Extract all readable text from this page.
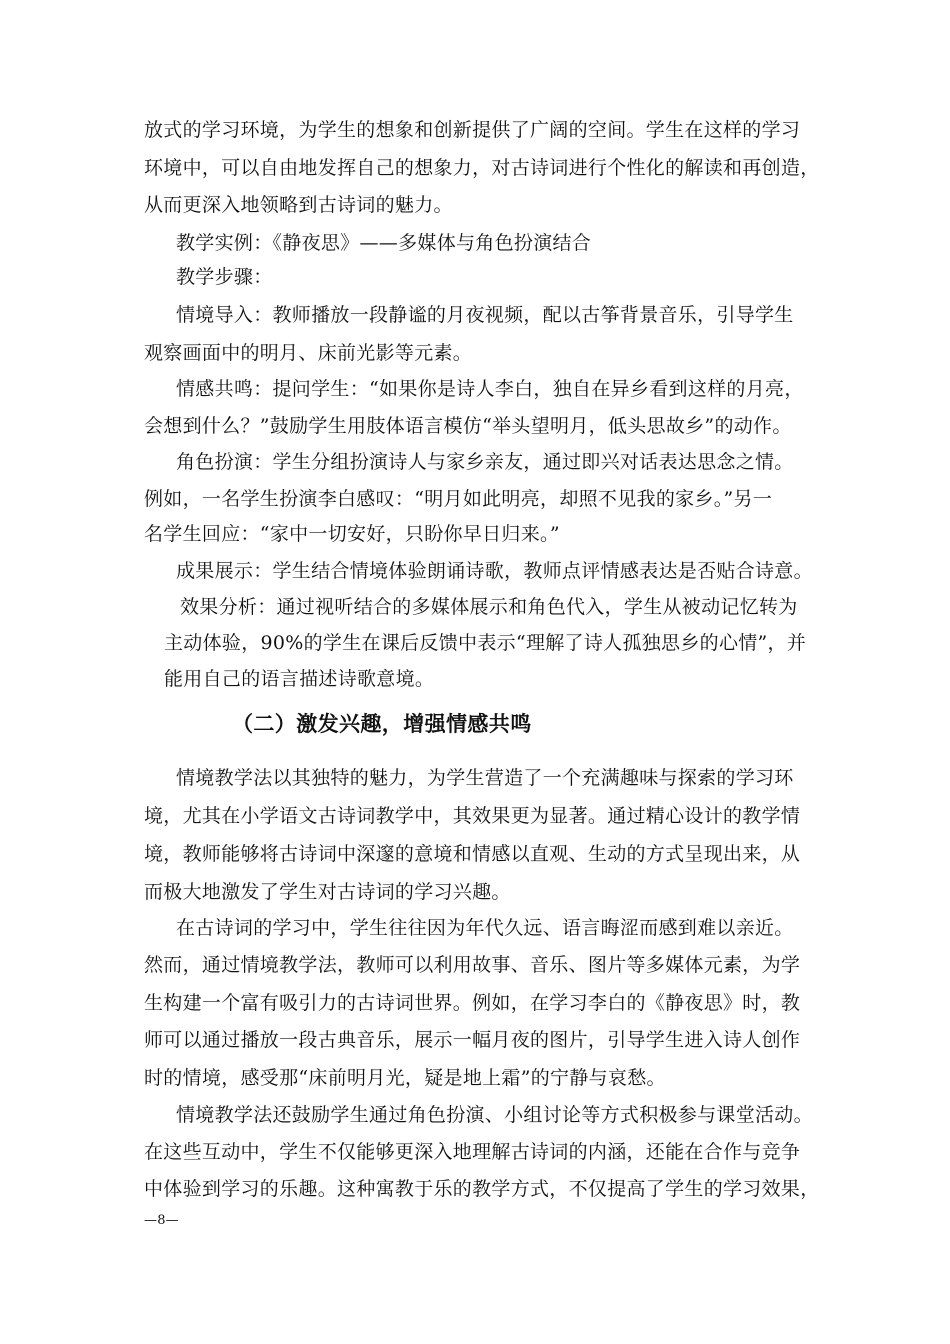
放式的学习环境，为学生的想象和创新提供了广阔的空间。学生在这样的学习
环境中，可以自由地发挥自己的想象力，对古诗词进行个性化的解读和再创造，
从而更深入地领略到古诗词的魅力。
教学实例：《静夜思》——多媒体与角色扮演结合
教学步骤：
情境导入：教师播放一段静谧的月夜视频，配以古筝背景音乐，引导学生
观察画面中的明月、床前光影等元素。
情感共鸣：提问学生：“如果你是诗人李白，独自在异乡看到这样的月亮，
会想到什么？”鼓励学生用肢体语言模仿“举头望明月，低头思故乡”的动作。
角色扮演：学生分组扮演诗人与家乡亲友，通过即兴对话表达思念之情。
例如，一名学生扮演李白感叹：“明月如此明亮，却照不见我的家乡。”另一
名学生回应：“家中一切安好，只盼你早日归来。”
成果展示：学生结合情境体验朗诵诗歌，教师点评情感表达是否贴合诗意。
效果分析：通过视听结合的多媒体展示和角色代入，学生从被动记忆转为
主动体验，90%的学生在课后反馈中表示“理解了诗人孤独思乡的心情”，并
能用自己的语言描述诗歌意境。
（二）激发兴趣，增强情感共鸣
情境教学法以其独特的魅力，为学生营造了一个充满趣味与探索的学习环
境，尤其在小学语文古诗词教学中，其效果更为显著。通过精心设计的教学情
境，教师能够将古诗词中深邃的意境和情感以直观、生动的方式呈现出来，从
而极大地激发了学生对古诗词的学习兴趣。
在古诗词的学习中，学生往往因为年代久远、语言晦涩而感到难以亲近。
然而，通过情境教学法，教师可以利用故事、音乐、图片等多媒体元素，为学
生构建一个富有吸引力的古诗词世界。例如，在学习李白的《静夜思》时，教
师可以通过播放一段古典音乐，展示一幅月夜的图片，引导学生进入诗人创作
时的情境，感受那“床前明月光，疑是地上霜”的宁静与哀愁。
情境教学法还鼓励学生通过角色扮演、小组讨论等方式积极参与课堂活动。
在这些互动中，学生不仅能够更深入地理解古诗词的内涵，还能在合作与竞争
中体验到学习的乐趣。这种寓教于乐的教学方式，不仅提高了学生的学习效果，
—8—
